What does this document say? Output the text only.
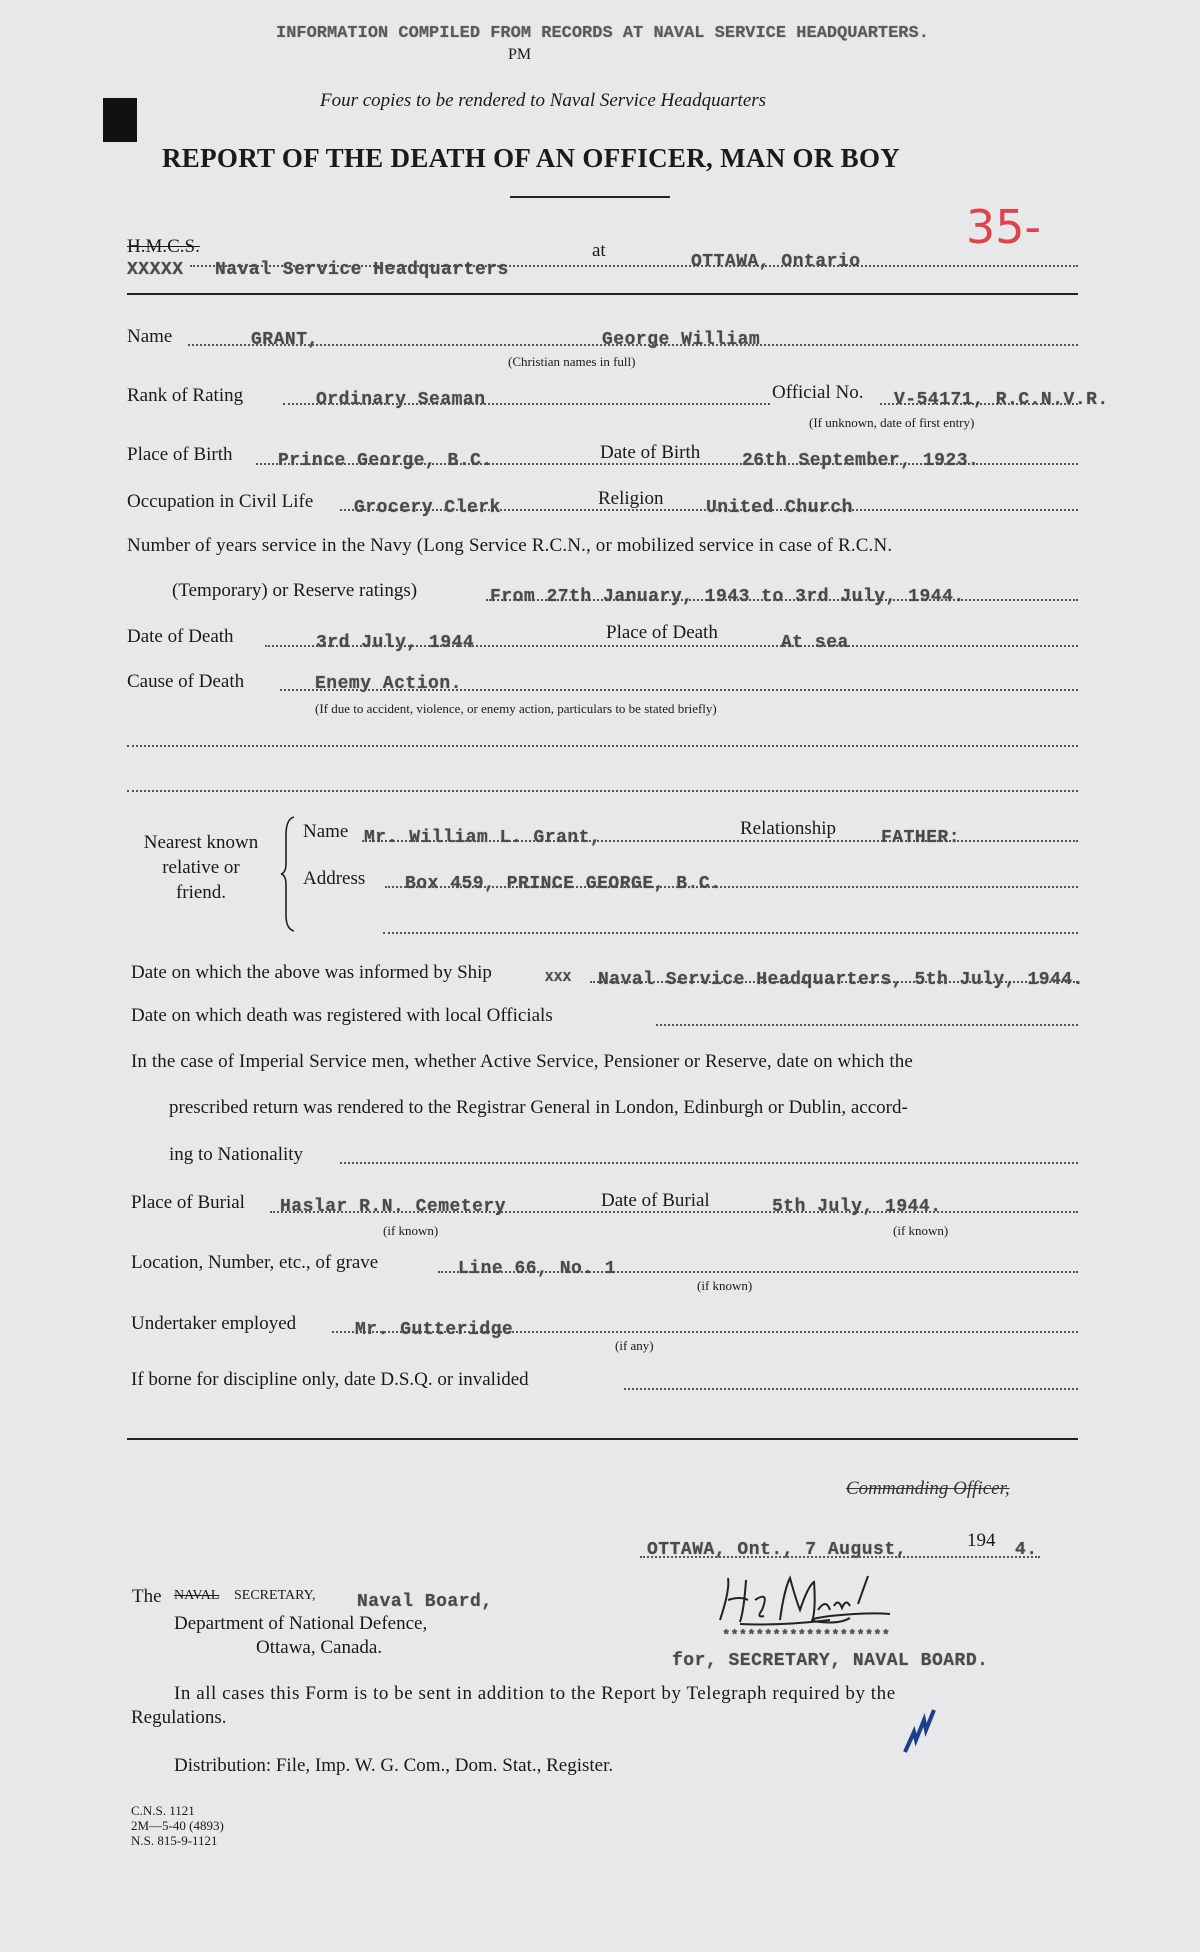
INFORMATION COMPILED FROM RECORDS AT NAVAL SERVICE HEADQUARTERS.
PM
Four copies to be rendered to Naval Service Headquarters
REPORT OF THE DEATH OF AN OFFICER, MAN OR BOY
35-
H.M.C.S.
XXXXX Naval Service Headquarters
at
OTTAWA, Ontario
Name	GRANT,	George William
(Christian names in full)
Rank of Rating	Ordinary Seaman	Official No. V-54171, R.C.N.V.R.
(If unknown, date of first entry)
Place of Birth	Prince George, B.C.	Date of Birth 26th September, 1923.
Occupation in Civil Life Grocery Clerk	Religion United Church
Number of years service in the Navy (Long Service R.C.N., or mobilized service in case of R.C.N.
(Temporary) or Reserve ratings)	From 27th January, 1943 to 3rd July, 1944.
Date of Death	3rd July, 1944	Place of Death	At sea
Cause of Death	Enemy Action.
(If due to accident, violence, or enemy action, particulars to be stated briefly)
Nearest known
relative or
friend.
Name Mr. William L. Grant,	Relationship FATHER:
Address Box 459, PRINCE GEORGE, B.C.
Date on which the above was informed by Ship	XXX Naval Service Headquarters, 5th July, 1944.
Date on which death was registered with local Officials
In the case of Imperial Service men, whether Active Service, Pensioner or Reserve, date on which the
prescribed return was rendered to the Registrar General in London, Edinburgh or Dublin, accord-
ing to Nationality
Place of Burial Haslar R.N. Cemetery
(if known)
Date of Burial	5th July, 1944.
(if known)
Location, Number, etc., of grave	Line 66, No. 1
(if known)
Undertaker employed	Mr. Gutteridge
(if any)
If borne for discipline only, date D.S.Q. or invalided
Commanding Officer,
OTTAWA, Ont., 7 August,	194 4.
The NAVAL SECRETARY, Naval Board,
Department of National Defence,
Ottawa, Canada.
********************
for, SECRETARY, NAVAL BOARD.
In all cases this Form is to be sent in addition to the Report by Telegraph required by the
Regulations.
Distribution: File, Imp. W. G. Com., Dom. Stat., Register.
C.N.S. 1121
2M—5-40 (4893)
N.S. 815-9-1121
